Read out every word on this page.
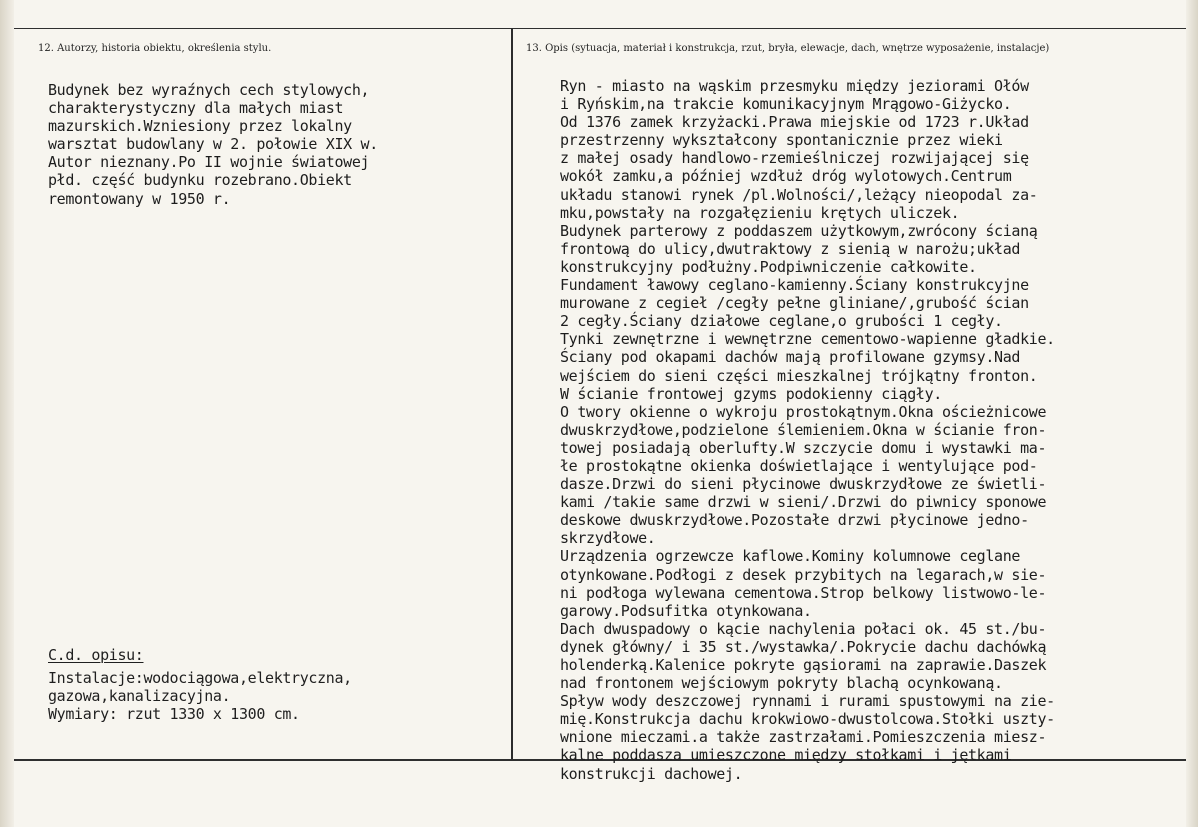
12. Autorzy, historia obiektu, określenia stylu.	13. Opis (sytuacja, materiał i konstrukcja, rzut, bryła, elewacje, dach, wnętrze wyposażenie, instalacje)
Budynek bez wyraźnych cech stylowych,
charakterystyczny dla małych miast
mazurskich.Wzniesiony przez lokalny
warsztat budowlany w 2. połowie XIX w.
Autor nieznany.Po II wojnie światowej
płd. część budynku rozebrano.Obiekt
remontowany w 1950 r.
C.d. opisu:
Instalacje:wodociągowa,elektryczna,
gazowa,kanalizacyjna.
Wymiary: rzut 1330 x 1300 cm.
Ryn - miasto na wąskim przesmyku między jeziorami Ołów
i Ryńskim,na trakcie komunikacyjnym Mrągowo-Giżycko.
Od 1376 zamek krzyżacki.Prawa miejskie od 1723 r.Układ
przestrzenny wykształcony spontanicznie przez wieki
z małej osady handlowo-rzemieślniczej rozwijającej się
wokół zamku,a później wzdłuż dróg wylotowych.Centrum
układu stanowi rynek /pl.Wolności/,leżący nieopodal za-
mku,powstały na rozgałęzieniu krętych uliczek.
Budynek parterowy z poddaszem użytkowym,zwrócony ścianą
frontową do ulicy,dwutraktowy z sienią w narożu;układ
konstrukcyjny podłużny.Podpiwniczenie całkowite.
Fundament ławowy ceglano-kamienny.Ściany konstrukcyjne
murowane z cegieł /cegły pełne gliniane/,grubość ścian
2 cegły.Ściany działowe ceglane,o grubości 1 cegły.
Tynki zewnętrzne i wewnętrzne cementowo-wapienne gładkie.
Ściany pod okapami dachów mają profilowane gzymsy.Nad
wejściem do sieni części mieszkalnej trójkątny fronton.
W ścianie frontowej gzyms podokienny ciągły.
O twory okienne o wykroju prostokątnym.Okna ościeżnicowe
dwuskrzydłowe,podzielone ślemieniem.Okna w ścianie fron-
towej posiadają oberlufty.W szczycie domu i wystawki ma-
łe prostokątne okienka doświetlające i wentylujące pod-
dasze.Drzwi do sieni płycinowe dwuskrzydłowe ze świetli-
kami /takie same drzwi w sieni/.Drzwi do piwnicy sponowe
deskowe dwuskrzydłowe.Pozostałe drzwi płycinowe jedno-
skrzydłowe.
Urządzenia ogrzewcze kaflowe.Kominy kolumnowe ceglane
otynkowane.Podłogi z desek przybitych na legarach,w sie-
ni podłoga wylewana cementowa.Strop belkowy listwowo-le-
garowy.Podsufitka otynkowana.
Dach dwuspadowy o kącie nachylenia połaci ok. 45 st./bu-
dynek główny/ i 35 st./wystawka/.Pokrycie dachu dachówką
holenderką.Kalenice pokryte gąsiorami na zaprawie.Daszek
nad frontonem wejściowym pokryty blachą ocynkowaną.
Spływ wody deszczowej rynnami i rurami spustowymi na zie-
mię.Konstrukcja dachu krokwiowo-dwustolcowa.Stołki uszty-
wnione mieczami.a także zastrzałami.Pomieszczenia miesz-
kalne poddasza umieszczone między stołkami i jętkami
konstrukcji dachowej.
